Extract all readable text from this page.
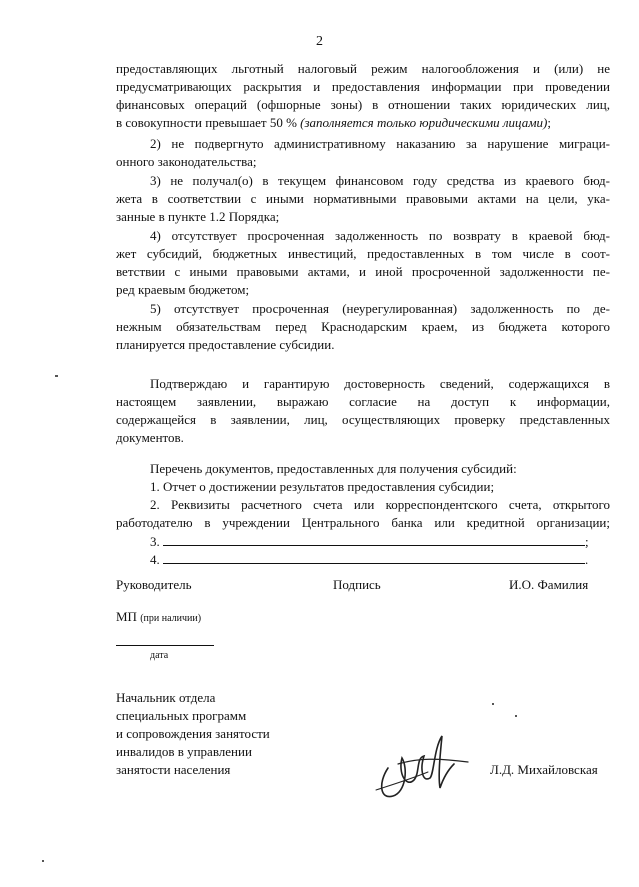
2
предоставляющих льготный налоговый режим налогообложения и (или) не
предусматривающих раскрытия и предоставления информации при проведении
финансовых операций (офшорные зоны) в отношении таких юридических лиц,
в совокупности превышает 50 % (заполняется только юридическими лицами);
2) не подвергнуто административному наказанию за нарушение миграци-
онного законодательства;
3) не получал(о) в текущем финансовом году средства из краевого бюд-
жета в соответствии с иными нормативными правовыми актами на цели, ука-
занные в пункте 1.2 Порядка;
4) отсутствует просроченная задолженность по возврату в краевой бюд-
жет субсидий, бюджетных инвестиций, предоставленных в том числе в соот-
ветствии с иными правовыми актами, и иной просроченной задолженности пе-
ред краевым бюджетом;
5) отсутствует просроченная (неурегулированная) задолженность по де-
нежным обязательствам перед Краснодарским краем, из бюджета которого
планируется предоставление субсидии.
Подтверждаю и гарантирую достоверность сведений, содержащихся в
настоящем заявлении, выражаю согласие на доступ к информации,
содержащейся в заявлении, лиц, осуществляющих проверку представленных
документов.
Перечень документов, предоставленных для получения субсидий:
1. Отчет о достижении результатов предоставления субсидии;
2. Реквизиты расчетного счета или корреспондентского счета, открытого
работодателю в учреждении Центрального банка или кредитной организации;
3.	;
4.	.
Руководитель	Подпись	И.О. Фамилия
МП (при наличии)
дата
Начальник отдела
специальных программ
и сопровождения занятости
инвалидов в управлении
занятости населения	Л.Д. Михайловская
